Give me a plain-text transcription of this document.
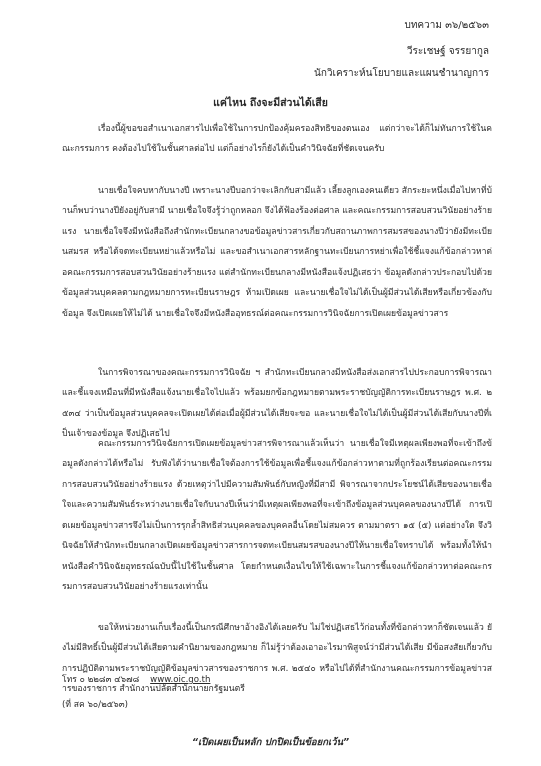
บทความ ๓๖/๒๕๖๓
วีระเชษฐ์ จรรยากูล
นักวิเคราะห์นโยบายและแผนชำนาญการ
แค่ไหน ถึงจะมีส่วนได้เสีย

เรื่องนี้ผู้ขอขอสำเนาเอกสารไปเพื่อใช้ในการปกป้องคุ้มครองสิทธิของตนเอง แต่กว่าจะได้ก็ไม่ทันการใช้ในคณะกรรมการ คงต้องไปใช้ในชั้นศาลต่อไป แต่ก็อย่างไรก็ยังได้เป็นคำวินิจฉัยที่ชัดเจนครับ

นายเชื่อใจคบหากับนางปี เพราะนางปีบอกว่าจะเลิกกับสามีแล้ว เลี้ยงลูกเองคนเดียว สักระยะหนึ่งเมื่อไปหาที่บ้านก็พบว่านางปียังอยู่กับสามี นายเชื่อใจจึงรู้ว่าถูกหลอก จึงได้ฟ้องร้องต่อศาล และคณะกรรมการสอบสวนวินัยอย่างร้ายแรง นายเชื่อใจจึงมีหนังสือถึงสำนักทะเบียนกลางขอข้อมูลข่าวสารเกี่ยวกับสถานภาพการสมรสของนางปีว่ายังมีทะเบียนสมรส หรือได้จดทะเบียนหย่าแล้วหรือไม่ และขอสำเนาเอกสารหลักฐานทะเบียนการหย่าเพื่อใช้ชี้แจงแก้ข้อกล่าวหาต่อคณะกรรมการสอบสวนวินัยอย่างร้ายแรง แต่สำนักทะเบียนกลางมีหนังสือแจ้งปฏิเสธว่า ข้อมูลดังกล่าวประกอบไปด้วยข้อมูลส่วนบุคคลตามกฎหมายการทะเบียนราษฎร ห้ามเปิดเผย และนายเชื่อใจไม่ได้เป็นผู้มีส่วนได้เสียหรือเกี่ยวข้องกับข้อมูล จึงเปิดเผยให้ไม่ได้ นายเชื่อใจจึงมีหนังสืออุทธรณ์ต่อคณะกรรมการวินิจฉัยการเปิดเผยข้อมูลข่าวสาร

ในการพิจารณาของคณะกรรมการวินิจฉัย ฯ สำนักทะเบียนกลางมีหนังสือส่งเอกสารไปประกอบการพิจารณาและชี้แจงเหมือนที่มีหนังสือแจ้งนายเชื่อใจไปแล้ว พร้อมยกข้อกฎหมายตามพระราชบัญญัติการทะเบียนราษฎร พ.ศ. ๒๕๓๔ ว่าเป็นข้อมูลส่วนบุคคลจะเปิดเผยได้ต่อเมื่อผู้มีส่วนได้เสียจะขอ และนายเชื่อใจไม่ได้เป็นผู้มีส่วนได้เสียกับนางปีที่เป็นเจ้าของข้อมูล จึงปฏิเสธไป

คณะกรรมการวินิจฉัยการเปิดเผยข้อมูลข่าวสารพิจารณาแล้วเห็นว่า นายเชื่อใจมีเหตุผลเพียงพอที่จะเข้าถึงข้อมูลดังกล่าวได้หรือไม่ รับฟังได้ว่านายเชื่อใจต้องการใช้ข้อมูลเพื่อชี้แจงแก้ข้อกล่าวหาตามที่ถูกร้องเรียนต่อคณะกรรมการสอบสวนวินัยอย่างร้ายแรง ด้วยเหตุว่าไปมีความสัมพันธ์กับหญิงที่มีสามี พิจารณาจากประโยชน์ได้เสียของนายเชื่อใจและความสัมพันธ์ระหว่างนายเชื่อใจกับนางปีเห็นว่ามีเหตุผลเพียงพอที่จะเข้าถึงข้อมูลส่วนบุคคลของนางปีได้ การเปิดเผยข้อมูลข่าวสารจึงไม่เป็นการรุกล้ำสิทธิส่วนบุคคลของบุคคลอื่นโดยไม่สมควร ตามมาตรา ๑๕ (๕) แต่อย่างใด จึงวินิจฉัยให้สำนักทะเบียนกลางเปิดเผยข้อมูลข่าวสารการจดทะเบียนสมรสของนางปีให้นายเชื่อใจทราบได้ พร้อมทั้งให้นำหนังสือคำวินิจฉัยอุทธรณ์ฉบับนี้ไปใช้ในชั้นศาล โดยกำหนดเงื่อนไขให้ใช้เฉพาะในการชี้แจงแก้ข้อกล่าวหาต่อคณะกรรมการสอบสวนวินัยอย่างร้ายแรงเท่านั้น

ขอให้หน่วยงานเก็บเรื่องนี้เป็นกรณีศึกษาอ้างอิงได้เลยครับ ไม่ใช่ปฏิเสธไว้ก่อนทั้งที่ข้อกล่าวหาก็ชัดเจนแล้ว ยังไม่มีสิทธิ์เป็นผู้มีส่วนได้เสียตามคำนิยามของกฎหมาย ก็ไม่รู้ว่าต้องเอาอะไรมาพิสูจน์ว่ามีส่วนได้เสีย มีข้อสงสัยเกี่ยวกับการปฏิบัติตามพระราชบัญญัติข้อมูลข่าวสารของราชการ พ.ศ. ๒๕๔๐ หรือไปได้ที่สำนักงานคณะกรรมการข้อมูลข่าวสารของราชการ สำนักงานปลัดสำนักนายกรัฐมนตรี

โทร ๐ ๒๒๘๓ ๔๖๗๘ www.oic.go.th
(ที่ สค ๖๐/๒๕๖๓)
“เปิดเผยเป็นหลัก ปกปิดเป็นข้อยกเว้น”
